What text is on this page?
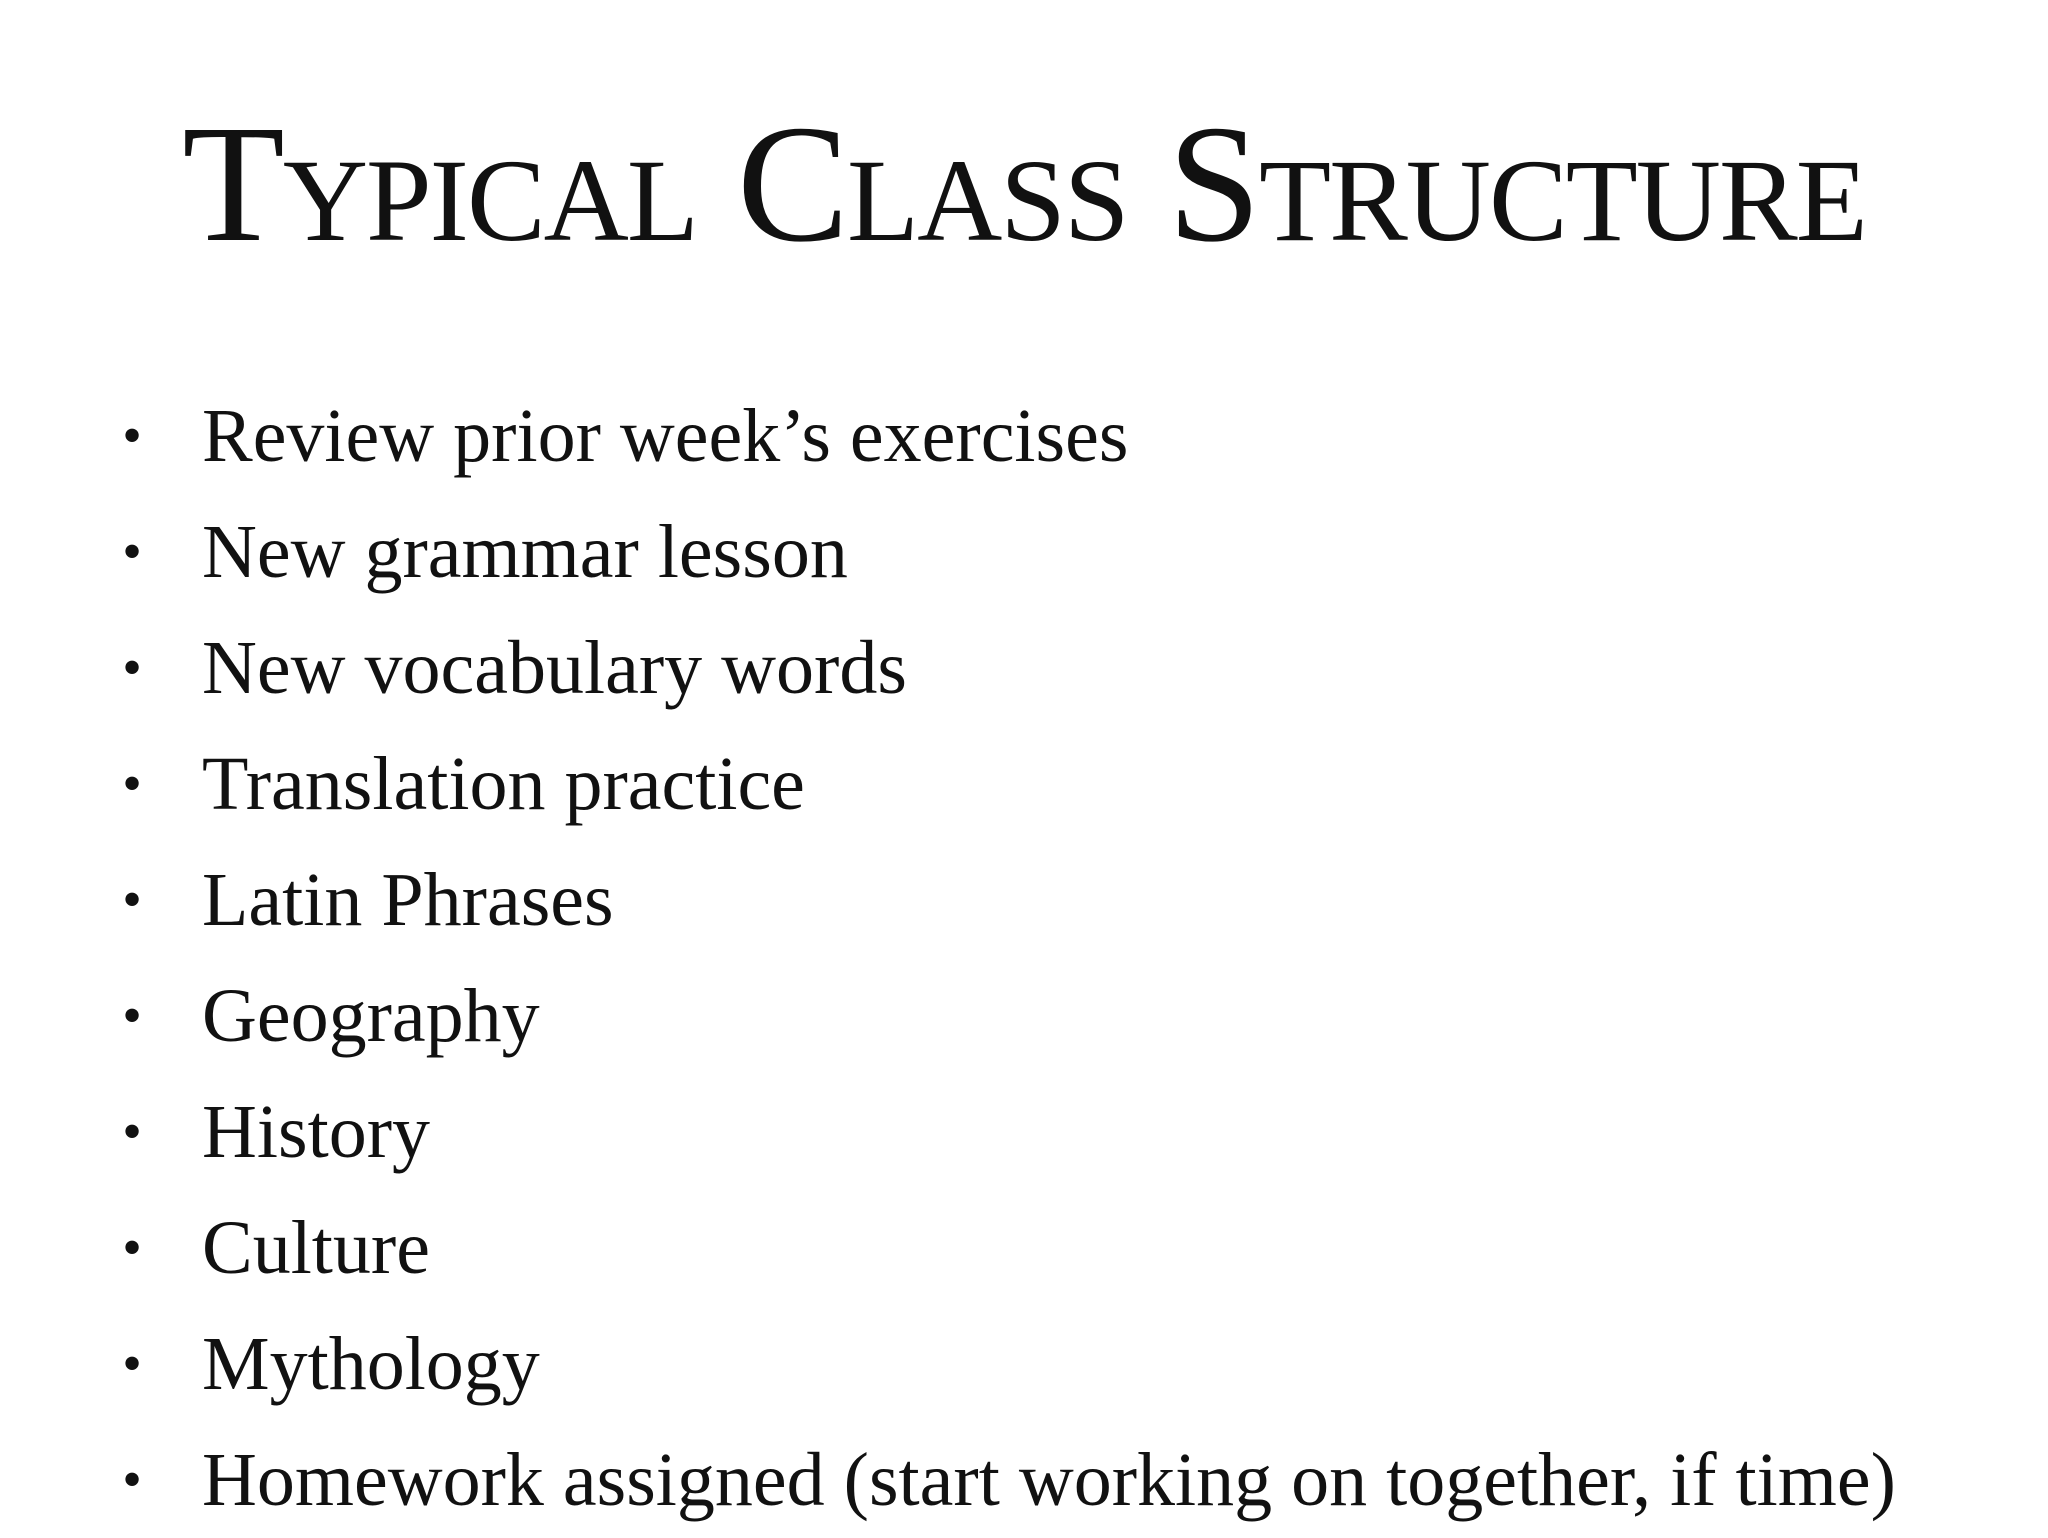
Typical Class Structure
• Review prior week’s exercises
• New grammar lesson
• New vocabulary words
• Translation practice
• Latin Phrases
• Geography
• History
• Culture
• Mythology
• Homework assigned (start working on together, if time)
